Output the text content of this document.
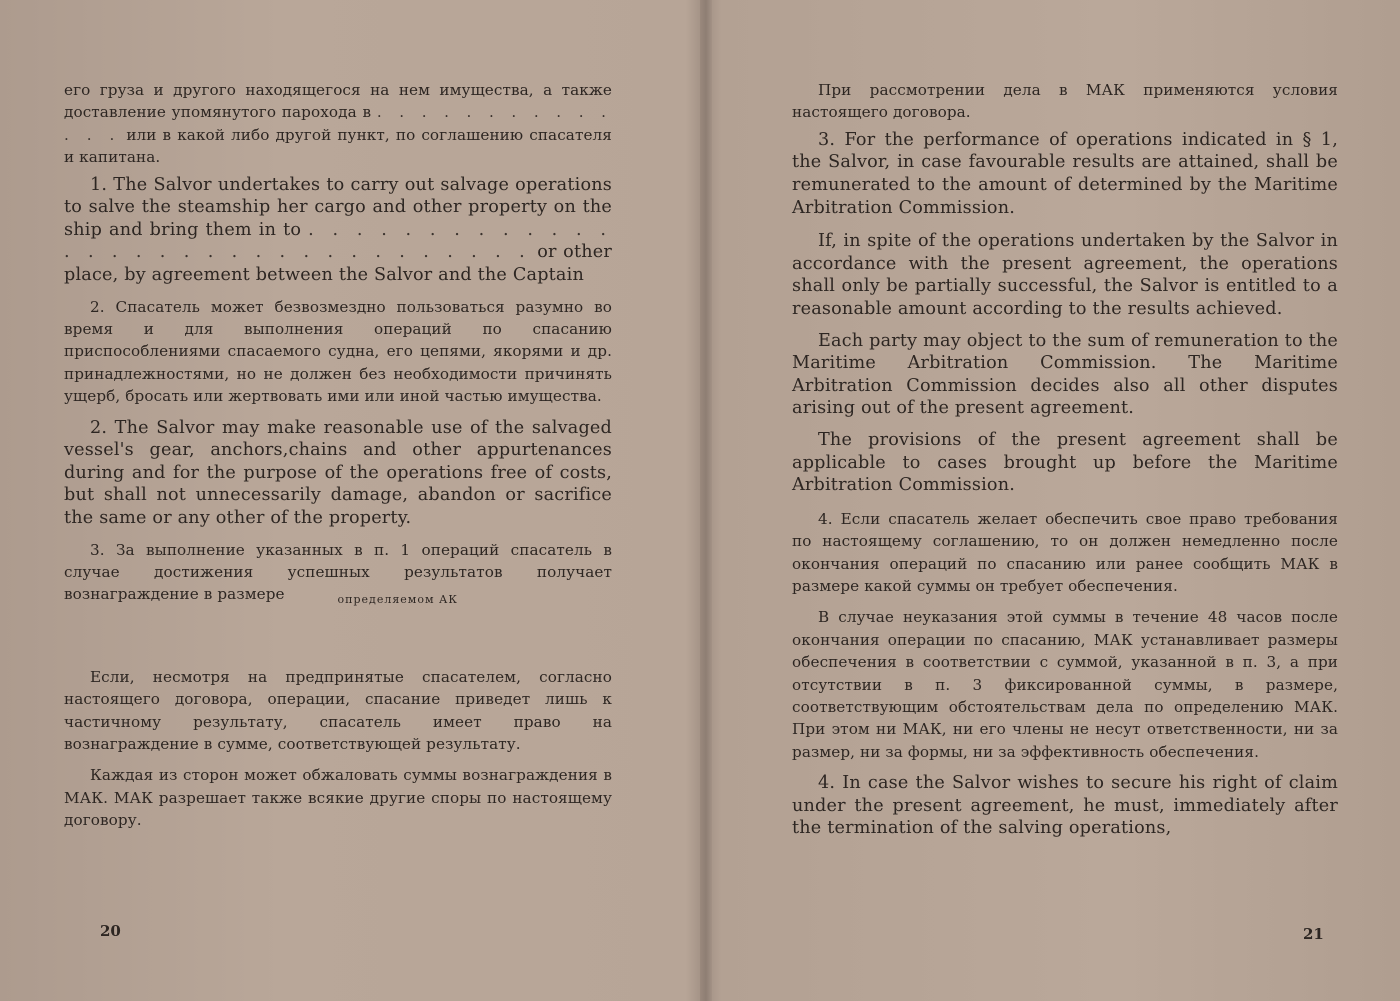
его груза и другого находящегося на нем имущества, а также доставление упомянутого парохода в . . . . . . . . . . . . . . или в какой либо другой пункт, по соглашению спасателя и капитана.

1. The Salvor undertakes to carry out salvage operations to salve the steamship her cargo and other property on the ship and bring them in to . . . . . . . . . . . . . . . . . . . . . . . . . . . . . . . . . or other place, by agreement between the Salvor and the Captain

2. Спасатель может безвозмездно пользоваться разумно во время и для выполнения операций по спасанию приспособлениями спасаемого судна, его цепями, якорями и др. принадлежностями, но не должен без необходимости причинять ущерб, бросать или жертвовать ими или иной частью имущества.

2. The Salvor may make reasonable use of the salvaged vessel's gear, anchors,chains and other appurtenances during and for the purpose of the operations free of costs, but shall not unnecessarily damage, abandon or sacrifice the same or any other of the property.

3. За выполнение указанных в п. 1 операций спасатель в случае достижения успешных результатов получает вознаграждение в размере	$_{определяемом АК}$

Если, несмотря на предпринятые спасателем, согласно настоящего договора, операции, спасание приведет лишь к частичному результату, спасатель имеет право на вознаграждение в сумме, соответствующей результату.

Каждая из сторон может обжаловать суммы вознаграждения в МАК. МАК разрешает также всякие другие споры по настоящему договору.

При рассмотрении дела в МАК применяются условия настоящего договора.

3. For the performance of operations indicated in § 1, the Salvor, in case favourable results are attained, shall be remunerated to the amount of determined by the Maritime Arbitration Commission.

If, in spite of the operations undertaken by the Salvor in accordance with the present agreement, the operations shall only be partially successful, the Salvor is entitled to a reasonable amount according to the results achieved.

Each party may object to the sum of remuneration to the Maritime Arbitration Commission. The Maritime Arbitration Commission decides also all other disputes arising out of the present agreement.

The provisions of the present agreement shall be applicable to cases brought up before the Maritime Arbitration Commission.

4. Если спасатель желает обеспечить свое право требования по настоящему соглашению, то он должен немедленно после окончания операций по спасанию или ранее сообщить МАК в размере какой суммы он требует обеспечения.

В случае неуказания этой суммы в течение 48 часов после окончания операции по спасанию, МАК устанавливает размеры обеспечения в соответствии с суммой, указанной в п. 3, а при отсутствии в п. 3 фиксированной суммы, в размере, соответствующим обстоятельствам дела по определению МАК. При этом ни МАК, ни его члены не несут ответственности, ни за размер, ни за формы, ни за эффективность обеспечения.

4. In case the Salvor wishes to secure his right of claim under the present agreement, he must, immediately after the termination of the salving operations,

20	21
